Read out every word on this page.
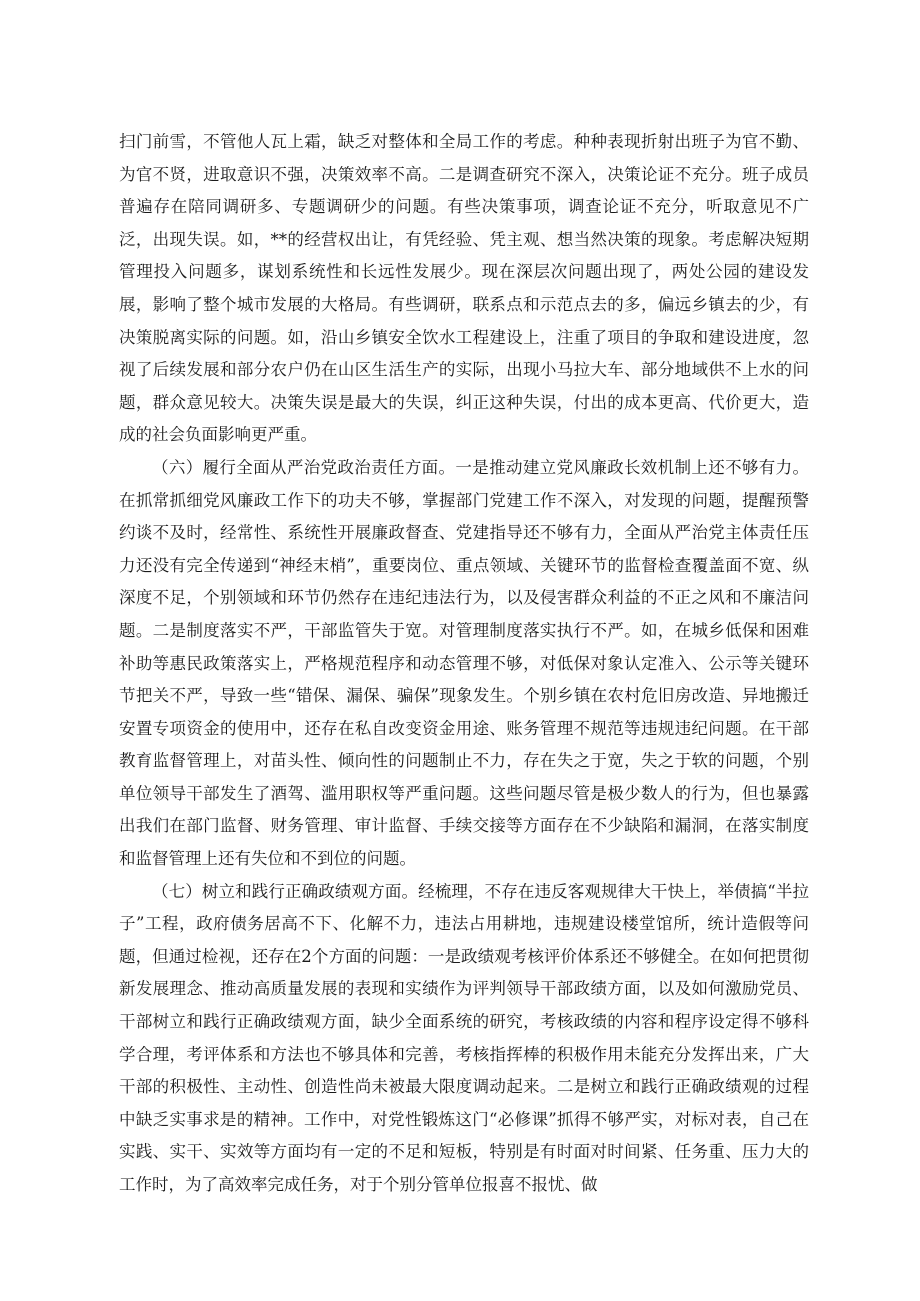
扫门前雪，不管他人瓦上霜，缺乏对整体和全局工作的考虑。种种表现折射出班子为官不勤、为官不贤，进取意识不强，决策效率不高。二是调查研究不深入，决策论证不充分。班子成员普遍存在陪同调研多、专题调研少的问题。有些决策事项，调查论证不充分，听取意见不广泛，出现失误。如，**的经营权出让，有凭经验、凭主观、想当然决策的现象。考虑解决短期管理投入问题多，谋划系统性和长远性发展少。现在深层次问题出现了，两处公园的建设发展，影响了整个城市发展的大格局。有些调研，联系点和示范点去的多，偏远乡镇去的少，有决策脱离实际的问题。如，沿山乡镇安全饮水工程建设上，注重了项目的争取和建设进度，忽视了后续发展和部分农户仍在山区生活生产的实际，出现小马拉大车、部分地域供不上水的问题，群众意见较大。决策失误是最大的失误，纠正这种失误，付出的成本更高、代价更大，造成的社会负面影响更严重。

（六）履行全面从严治党政治责任方面。一是推动建立党风廉政长效机制上还不够有力。在抓常抓细党风廉政工作下的功夫不够，掌握部门党建工作不深入，对发现的问题，提醒预警约谈不及时，经常性、系统性开展廉政督查、党建指导还不够有力，全面从严治党主体责任压力还没有完全传递到“神经末梢”，重要岗位、重点领域、关键环节的监督检查覆盖面不宽、纵深度不足，个别领域和环节仍然存在违纪违法行为，以及侵害群众利益的不正之风和不廉洁问题。二是制度落实不严，干部监管失于宽。对管理制度落实执行不严。如，在城乡低保和困难补助等惠民政策落实上，严格规范程序和动态管理不够，对低保对象认定准入、公示等关键环节把关不严，导致一些“错保、漏保、骗保”现象发生。个别乡镇在农村危旧房改造、异地搬迁安置专项资金的使用中，还存在私自改变资金用途、账务管理不规范等违规违纪问题。在干部教育监督管理上，对苗头性、倾向性的问题制止不力，存在失之于宽，失之于软的问题，个别单位领导干部发生了酒驾、滥用职权等严重问题。这些问题尽管是极少数人的行为，但也暴露出我们在部门监督、财务管理、审计监督、手续交接等方面存在不少缺陷和漏洞，在落实制度和监督管理上还有失位和不到位的问题。

（七）树立和践行正确政绩观方面。经梳理，不存在违反客观规律大干快上，举债搞“半拉子”工程，政府债务居高不下、化解不力，违法占用耕地，违规建设楼堂馆所，统计造假等问题，但通过检视，还存在2个方面的问题：一是政绩观考核评价体系还不够健全。在如何把贯彻新发展理念、推动高质量发展的表现和实绩作为评判领导干部政绩方面，以及如何激励党员、干部树立和践行正确政绩观方面，缺少全面系统的研究，考核政绩的内容和程序设定得不够科学合理，考评体系和方法也不够具体和完善，考核指挥棒的积极作用未能充分发挥出来，广大干部的积极性、主动性、创造性尚未被最大限度调动起来。二是树立和践行正确政绩观的过程中缺乏实事求是的精神。工作中，对党性锻炼这门“必修课”抓得不够严实，对标对表，自己在实践、实干、实效等方面均有一定的不足和短板，特别是有时面对时间紧、任务重、压力大的工作时，为了高效率完成任务，对于个别分管单位报喜不报忧、做
